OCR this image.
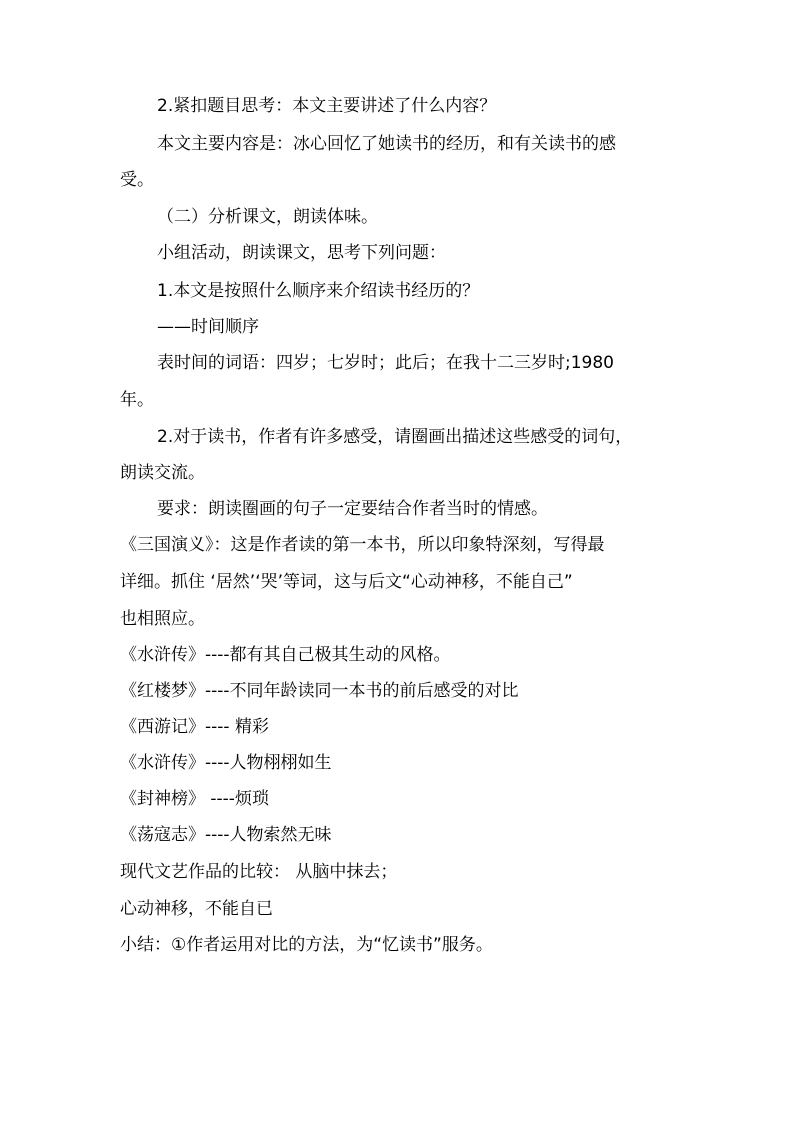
2.紧扣题目思考：本文主要讲述了什么内容？
本文主要内容是：冰心回忆了她读书的经历，和有关读书的感
受。
（二）分析课文，朗读体味。
小组活动，朗读课文，思考下列问题：
1.本文是按照什么顺序来介绍读书经历的？
——时间顺序
表时间的词语：四岁；七岁时；此后；在我十二三岁时;1980
年。
2.对于读书，作者有许多感受，请圈画出描述这些感受的词句，
朗读交流。
要求：朗读圈画的句子一定要结合作者当时的情感。
《三国演义》：这是作者读的第一本书，所以印象特深刻，写得最
详细。抓住 ‘居然’‘哭’等词，这与后文“心动神移，不能自己”
也相照应。
《水浒传》----都有其自己极其生动的风格。
《红楼梦》----不同年龄读同一本书的前后感受的对比
《西游记》---- 精彩
《水浒传》----人物栩栩如生
《封神榜》 ----烦琐
《荡寇志》----人物索然无味
现代文艺作品的比较： 从脑中抹去；
心动神移，不能自已
小结：①作者运用对比的方法，为“忆读书”服务。
